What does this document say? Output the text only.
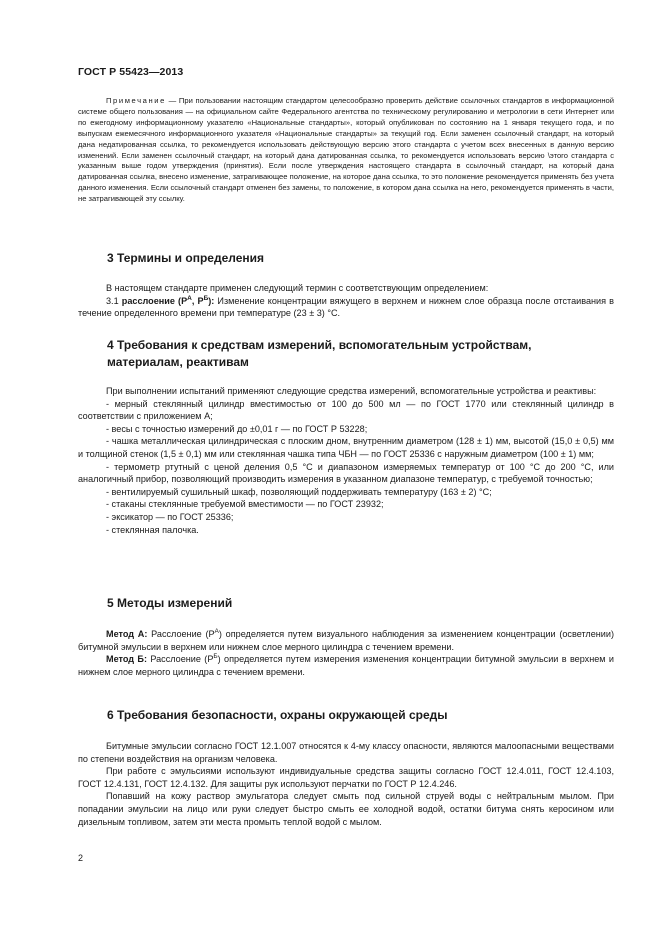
ГОСТ Р 55423—2013

Примечание — При пользовании настоящим стандартом целесообразно проверить действие ссылочных стандартов в информационной системе общего пользования — на официальном сайте Федерального агентства по техническому регулированию и метрологии в сети Интернет или по ежегодному информационному указателю «Национальные стандарты», который опубликован по состоянию на 1 января текущего года, и по выпускам ежемесячного информационного указателя «Национальные стандарты» за текущий год. Если заменен ссылочный стандарт, на который дана недатированная ссылка, то рекомендуется использовать действующую версию этого стандарта с учетом всех внесенных в данную версию изменений. Если заменен ссылочный стандарт, на который дана датированная ссылка, то рекомендуется использовать версию \этого стандарта с указанным выше годом утверждения (принятия). Если после утверждения настоящего стандарта в ссылочный стандарт, на который дана датированная ссылка, внесено изменение, затрагивающее положение, на которое дана ссылка, то это положение рекомендуется применять без учета данного изменения. Если ссылочный стандарт отменен без замены, то положение, в котором дана ссылка на него, рекомендуется применять в части, не затрагивающей эту ссылку.

3 Термины и определения

В настоящем стандарте применен следующий термин с соответствующим определением:

3.1 расслоение ($Р^А$, $Р^Б$): Изменение концентрации вяжущего в верхнем и нижнем слое образца после отстаивания в течение определенного времени при температуре (23 ± 3) °С.

4 Требования к средствам измерений, вспомогательным устройствам, материалам, реактивам

При выполнении испытаний применяют следующие средства измерений, вспомогательные устройства и реактивы:

- мерный стеклянный цилиндр вместимостью от 100 до 500 мл — по ГОСТ 1770 или стеклянный цилиндр в соответствии с приложением А;

- весы с точностью измерений до ±0,01 г — по ГОСТ Р 53228;

- чашка металлическая цилиндрическая с плоским дном, внутренним диаметром (128 ± 1) мм, высотой (15,0 ± 0,5) мм и толщиной стенок (1,5 ± 0,1) мм или стеклянная чашка типа ЧБН — по ГОСТ 25336 с наружным диаметром (100 ± 1) мм;

- термометр ртутный с ценой деления 0,5 °С и диапазоном измеряемых температур от 100 °С до 200 °С, или аналогичный прибор, позволяющий производить измерения в указанном диапазоне температур, с требуемой точностью;

- вентилируемый сушильный шкаф, позволяющий поддерживать температуру (163 ± 2) °С;

- стаканы стеклянные требуемой вместимости — по ГОСТ 23932;

- эксикатор — по ГОСТ 25336;

- стеклянная палочка.

5 Методы измерений

Метод А: Расслоение $(Р^А)$ определяется путем визуального наблюдения за изменением концентрации (осветлении) битумной эмульсии в верхнем или нижнем слое мерного цилиндра с течением времени.

Метод Б: Расслоение $(Р^Б)$ определяется путем измерения изменения концентрации битумной эмульсии в верхнем и нижнем слое мерного цилиндра с течением времени.

6 Требования безопасности, охраны окружающей среды

Битумные эмульсии согласно ГОСТ 12.1.007 относятся к 4-му классу опасности, являются малоопасными веществами по степени воздействия на организм человека.

При работе с эмульсиями используют индивидуальные средства защиты согласно ГОСТ 12.4.011, ГОСТ 12.4.103, ГОСТ 12.4.131, ГОСТ 12.4.132. Для защиты рук используют перчатки по ГОСТ Р 12.4.246.

Попавший на кожу раствор эмульгатора следует смыть под сильной струей воды с нейтральным мылом. При попадании эмульсии на лицо или руки следует быстро смыть ее холодной водой, остатки битума снять керосином или дизельным топливом, затем эти места промыть теплой водой с мылом.

2
